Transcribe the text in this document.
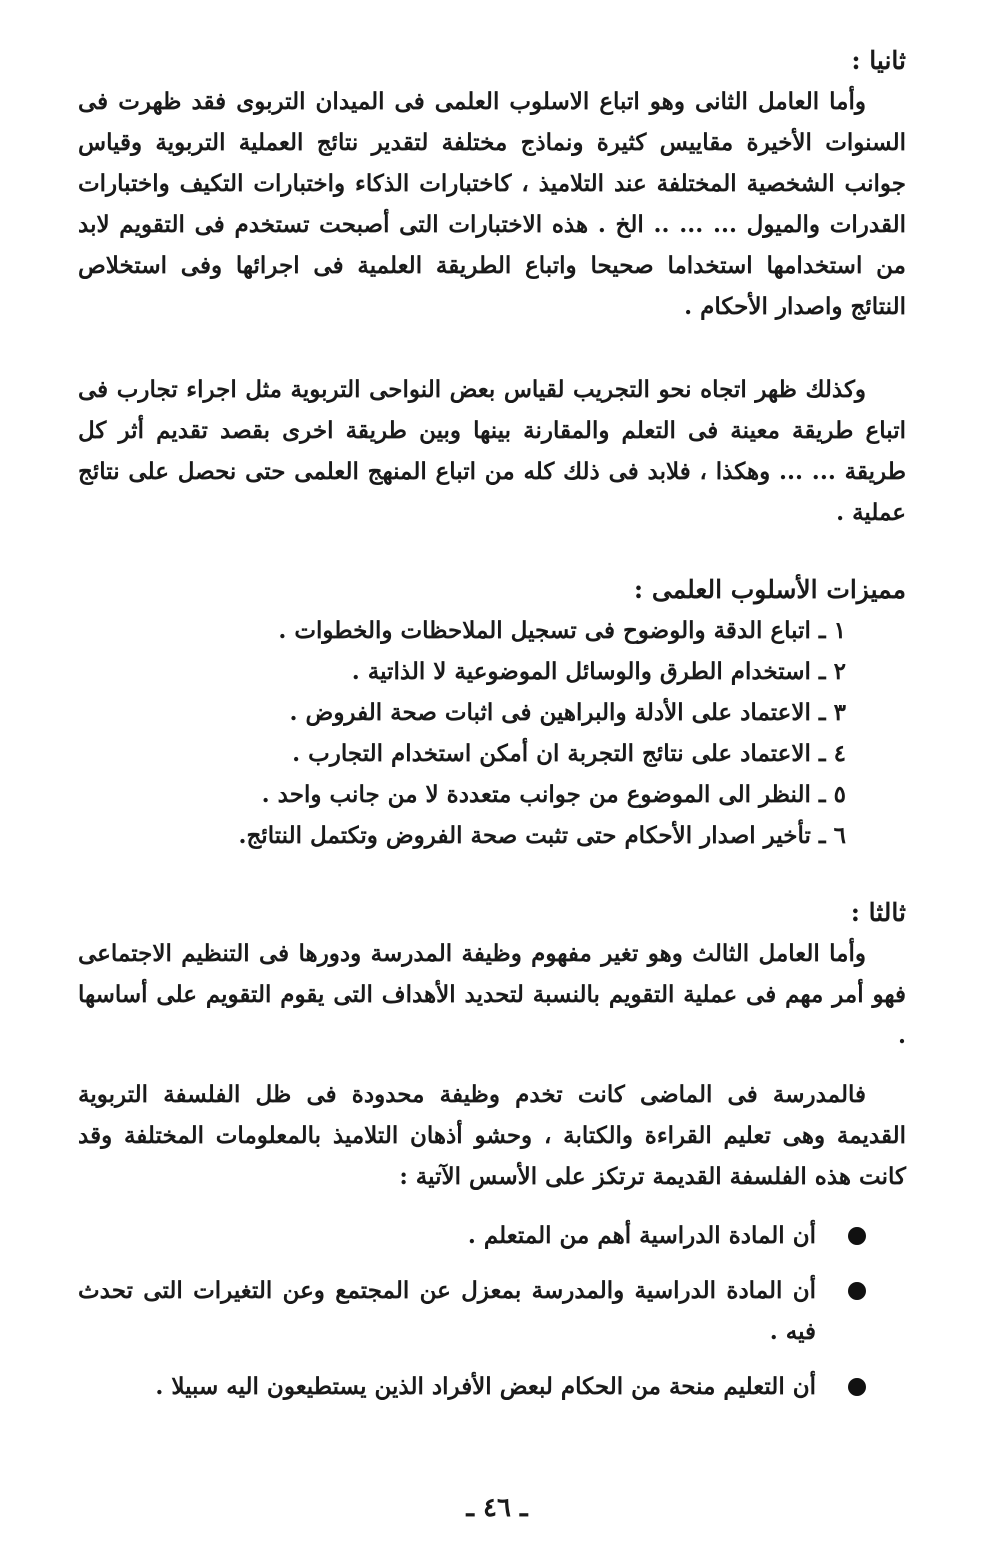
ثانيا :

وأما العامل الثانى وهو اتباع الاسلوب العلمى فى الميدان التربوى فقد ظهرت فى السنوات الأخيرة مقاييس كثيرة ونماذج مختلفة لتقدير نتائج العملية التربوية وقياس جوانب الشخصية المختلفة عند التلاميذ ، كاختبارات الذكاء واختبارات التكيف واختبارات القدرات والميول ... ... .. الخ . هذه الاختبارات التى أصبحت تستخدم فى التقويم لابد من استخدامها استخداما صحيحا واتباع الطريقة العلمية فى اجرائها وفى استخلاص النتائج واصدار الأحكام .

وكذلك ظهر اتجاه نحو التجريب لقياس بعض النواحى التربوية مثل اجراء تجارب فى اتباع طريقة معينة فى التعلم والمقارنة بينها وبين طريقة اخرى بقصد تقديم أثر كل طريقة ... ... وهكذا ، فلابد فى ذلك كله من اتباع المنهج العلمى حتى نحصل على نتائج عملية .

مميزات الأسلوب العلمى :

١ ـ اتباع الدقة والوضوح فى تسجيل الملاحظات والخطوات .
٢ ـ استخدام الطرق والوسائل الموضوعية لا الذاتية .
٣ ـ الاعتماد على الأدلة والبراهين فى اثبات صحة الفروض .
٤ ـ الاعتماد على نتائج التجربة ان أمكن استخدام التجارب .
٥ ـ النظر الى الموضوع من جوانب متعددة لا من جانب واحد .
٦ ـ تأخير اصدار الأحكام حتى تثبت صحة الفروض وتكتمل النتائج.

ثالثا :

وأما العامل الثالث وهو تغير مفهوم وظيفة المدرسة ودورها فى التنظيم الاجتماعى فهو أمر مهم فى عملية التقويم بالنسبة لتحديد الأهداف التى يقوم التقويم على أساسها .

فالمدرسة فى الماضى كانت تخدم وظيفة محدودة فى ظل الفلسفة التربوية القديمة وهى تعليم القراءة والكتابة ، وحشو أذهان التلاميذ بالمعلومات المختلفة وقد كانت هذه الفلسفة القديمة ترتكز على الأسس الآتية :

أن المادة الدراسية أهم من المتعلم .
أن المادة الدراسية والمدرسة بمعزل عن المجتمع وعن التغيرات التى تحدث فيه .
أن التعليم منحة من الحكام لبعض الأفراد الذين يستطيعون اليه سبيلا .
ـ ٤٦ ـ
